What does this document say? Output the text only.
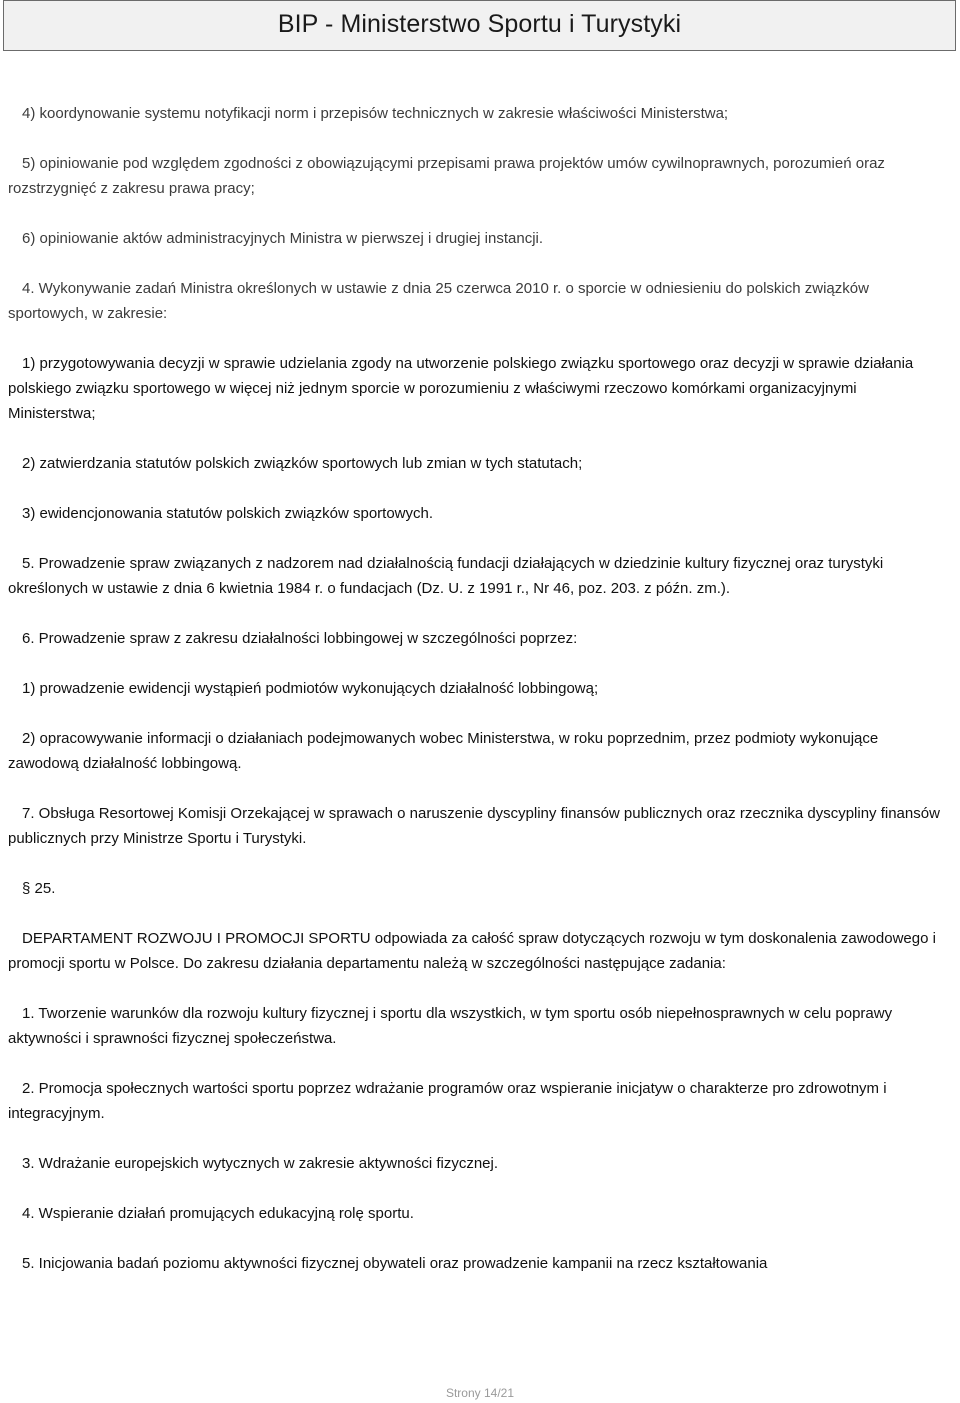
BIP - Ministerstwo Sportu i Turystyki

4) koordynowanie systemu notyfikacji norm i przepisów technicznych w zakresie właściwości Ministerstwa;

5) opiniowanie pod względem zgodności z obowiązującymi przepisami prawa projektów umów cywilnoprawnych, porozumień oraz rozstrzygnięć z zakresu prawa pracy;

6) opiniowanie aktów administracyjnych Ministra w pierwszej i drugiej instancji.

4. Wykonywanie zadań Ministra określonych w ustawie z dnia 25 czerwca 2010 r. o sporcie w odniesieniu do polskich związków sportowych, w zakresie:

1) przygotowywania decyzji w sprawie udzielania zgody na utworzenie polskiego związku sportowego oraz decyzji w sprawie działania polskiego związku sportowego w więcej niż jednym sporcie w porozumieniu z właściwymi rzeczowo komórkami organizacyjnymi Ministerstwa;

2) zatwierdzania statutów polskich związków sportowych lub zmian w tych statutach;

3) ewidencjonowania statutów polskich związków sportowych.

5. Prowadzenie spraw związanych z nadzorem nad działalnością fundacji działających w dziedzinie kultury fizycznej oraz turystyki określonych w ustawie z dnia 6 kwietnia 1984 r. o fundacjach (Dz. U. z 1991 r., Nr 46, poz. 203. z późn. zm.).

6. Prowadzenie spraw z zakresu działalności lobbingowej w szczególności poprzez:

1) prowadzenie ewidencji wystąpień podmiotów wykonujących działalność lobbingową;

2) opracowywanie informacji o działaniach podejmowanych wobec Ministerstwa, w roku poprzednim, przez podmioty wykonujące zawodową działalność lobbingową.

7. Obsługa Resortowej Komisji Orzekającej w sprawach o naruszenie dyscypliny finansów publicznych oraz rzecznika dyscypliny finansów publicznych przy Ministrze Sportu i Turystyki.

§ 25.

DEPARTAMENT ROZWOJU I PROMOCJI SPORTU odpowiada za całość spraw dotyczących rozwoju w tym doskonalenia zawodowego i promocji sportu w Polsce. Do zakresu działania departamentu należą w szczególności następujące zadania:

1. Tworzenie warunków dla rozwoju kultury fizycznej i sportu dla wszystkich, w tym sportu osób niepełnosprawnych w celu poprawy aktywności i sprawności fizycznej społeczeństwa.

2. Promocja społecznych wartości sportu poprzez wdrażanie programów oraz wspieranie inicjatyw o charakterze pro zdrowotnym i integracyjnym.

3. Wdrażanie europejskich wytycznych w zakresie aktywności fizycznej.

4. Wspieranie działań promujących edukacyjną rolę sportu.

5. Inicjowania badań poziomu aktywności fizycznej obywateli oraz prowadzenie kampanii na rzecz kształtowania

Strony 14/21
